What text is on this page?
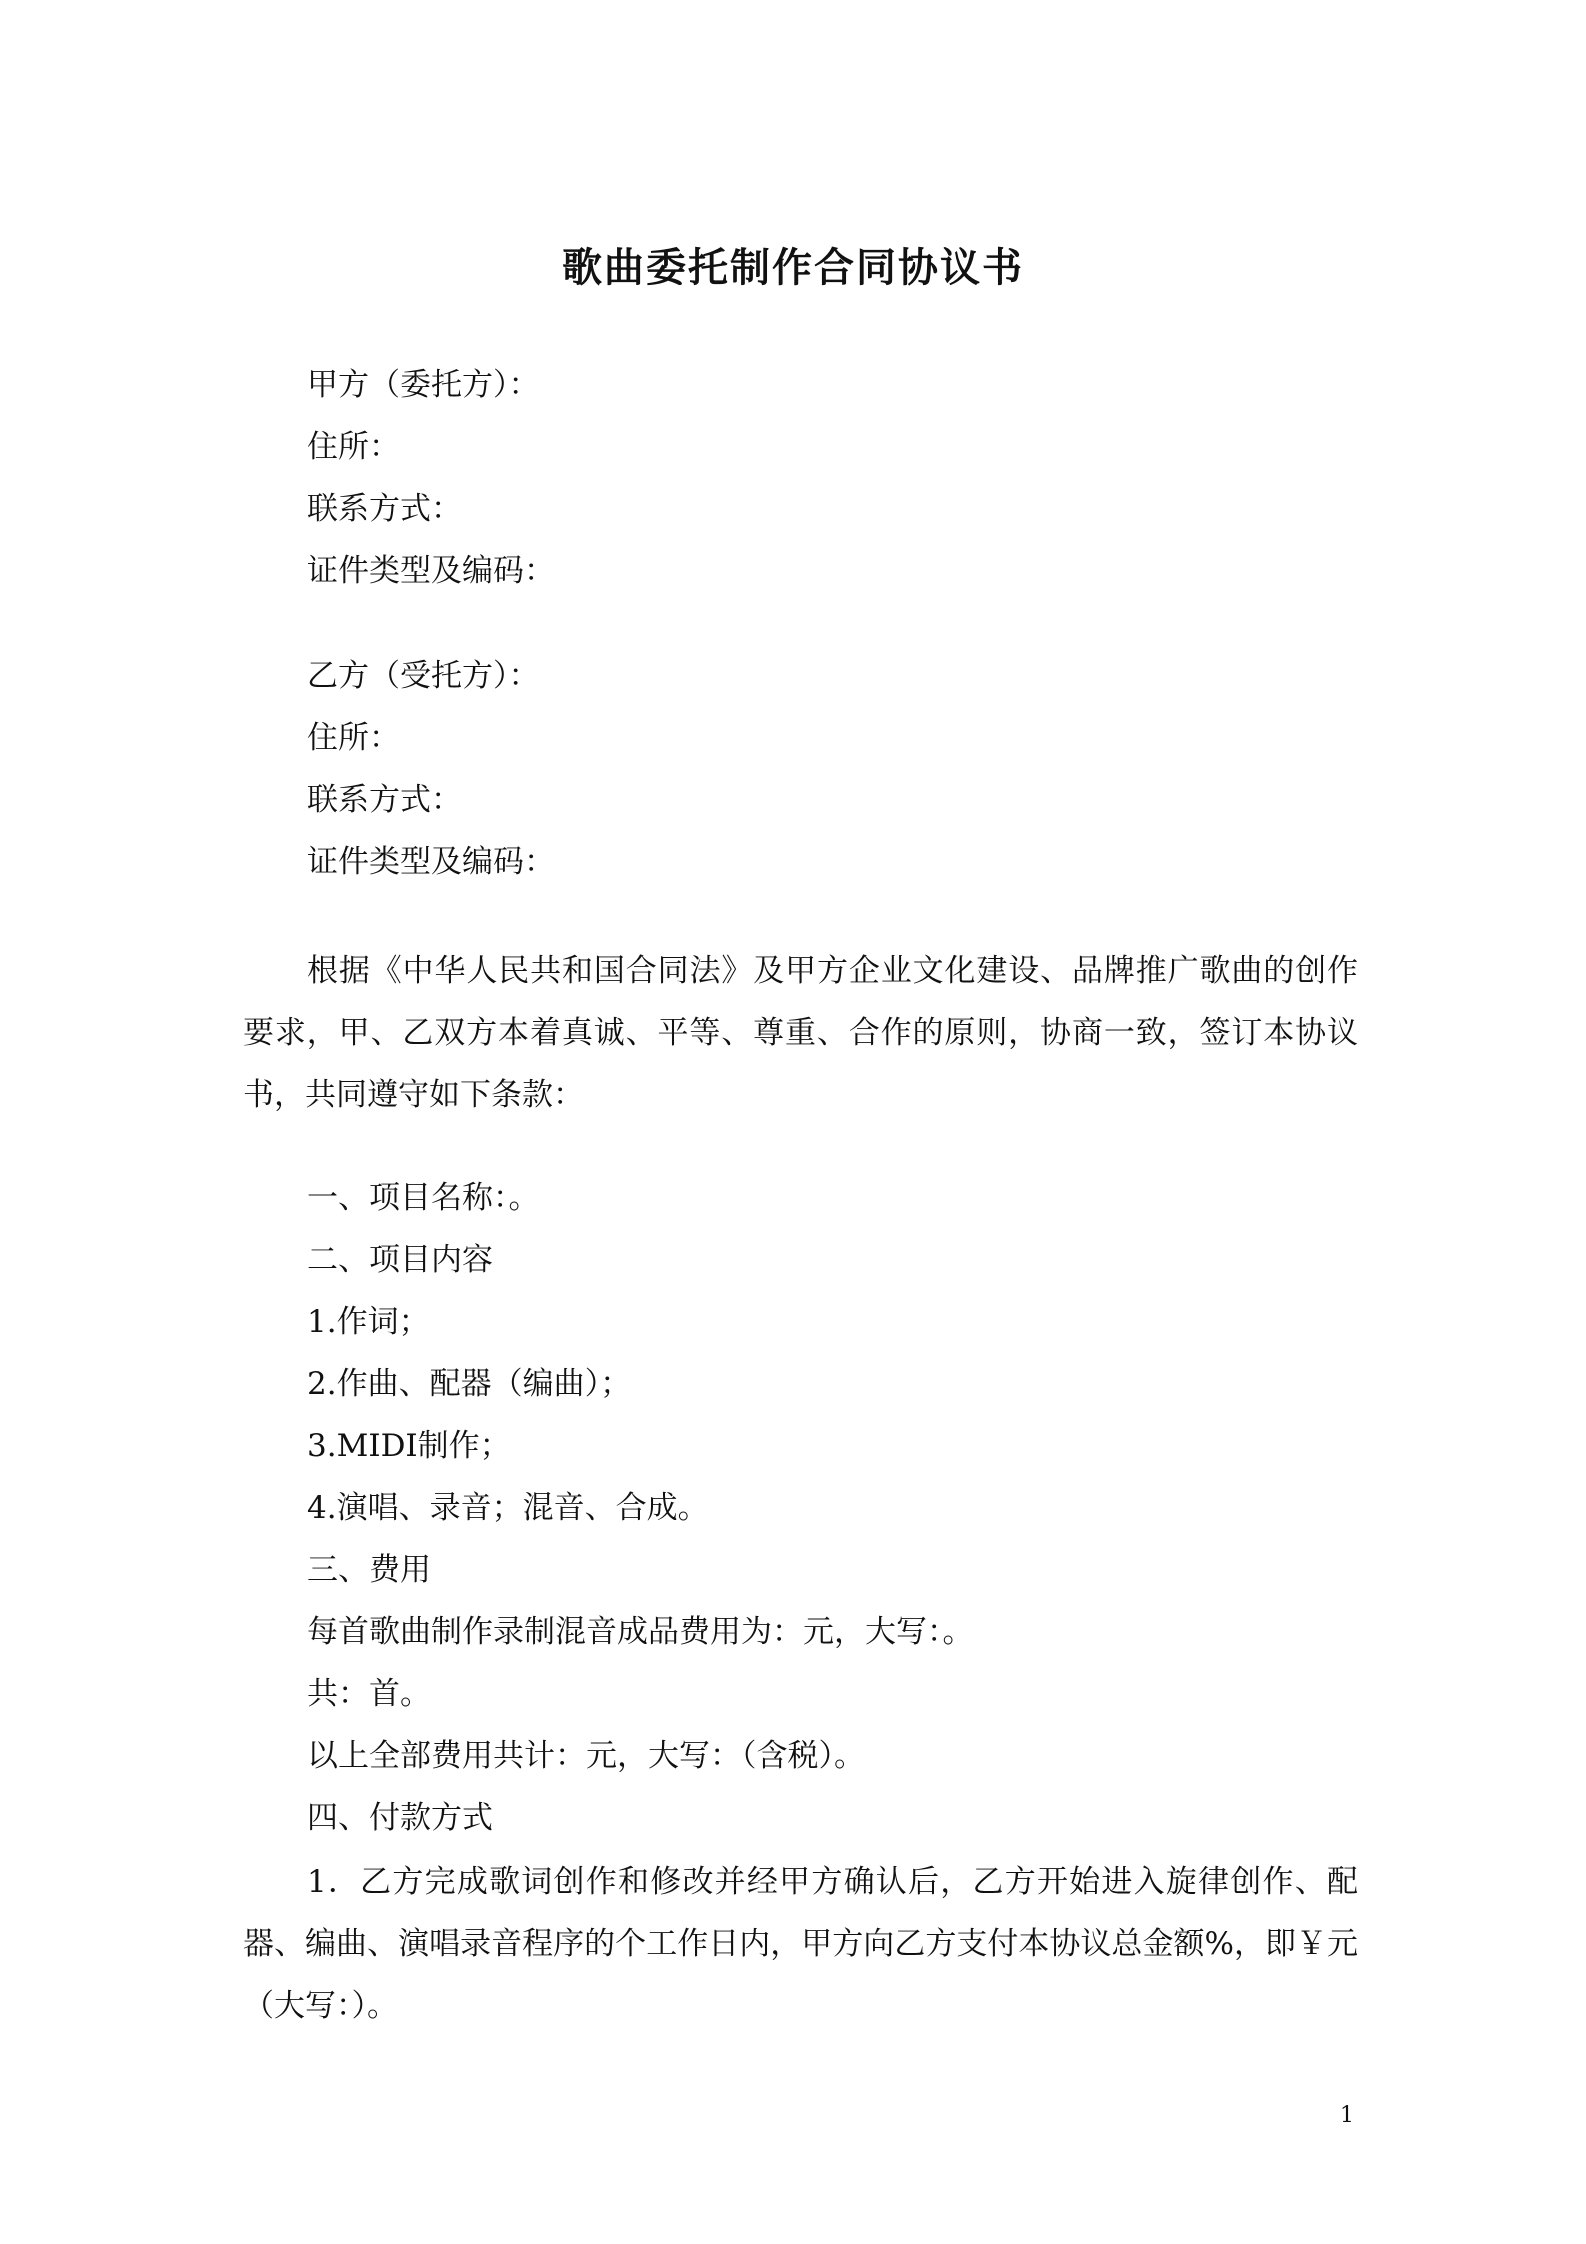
歌曲委托制作合同协议书
甲方（委托方）：
住所：
联系方式：
证件类型及编码：
乙方（受托方）：
住所：
联系方式：
证件类型及编码：
根据《中华人民共和国合同法》及甲方企业文化建设、品牌推广歌曲的创作要求，甲、乙双方本着真诚、平等、尊重、合作的原则，协商一致，签订本协议书，共同遵守如下条款：
一、项目名称：。
二、项目内容
1.作词；
2.作曲、配器（编曲）；
3.MIDI制作；
4.演唱、录音；混音、合成。
三、费用
每首歌曲制作录制混音成品费用为：元，大写：。
共：首。
以上全部费用共计：元，大写：（含税）。
四、付款方式
1．乙方完成歌词创作和修改并经甲方确认后，乙方开始进入旋律创作、配器、编曲、演唱录音程序的个工作日内，甲方向乙方支付本协议总金额%，即￥元（大写：）。
1
